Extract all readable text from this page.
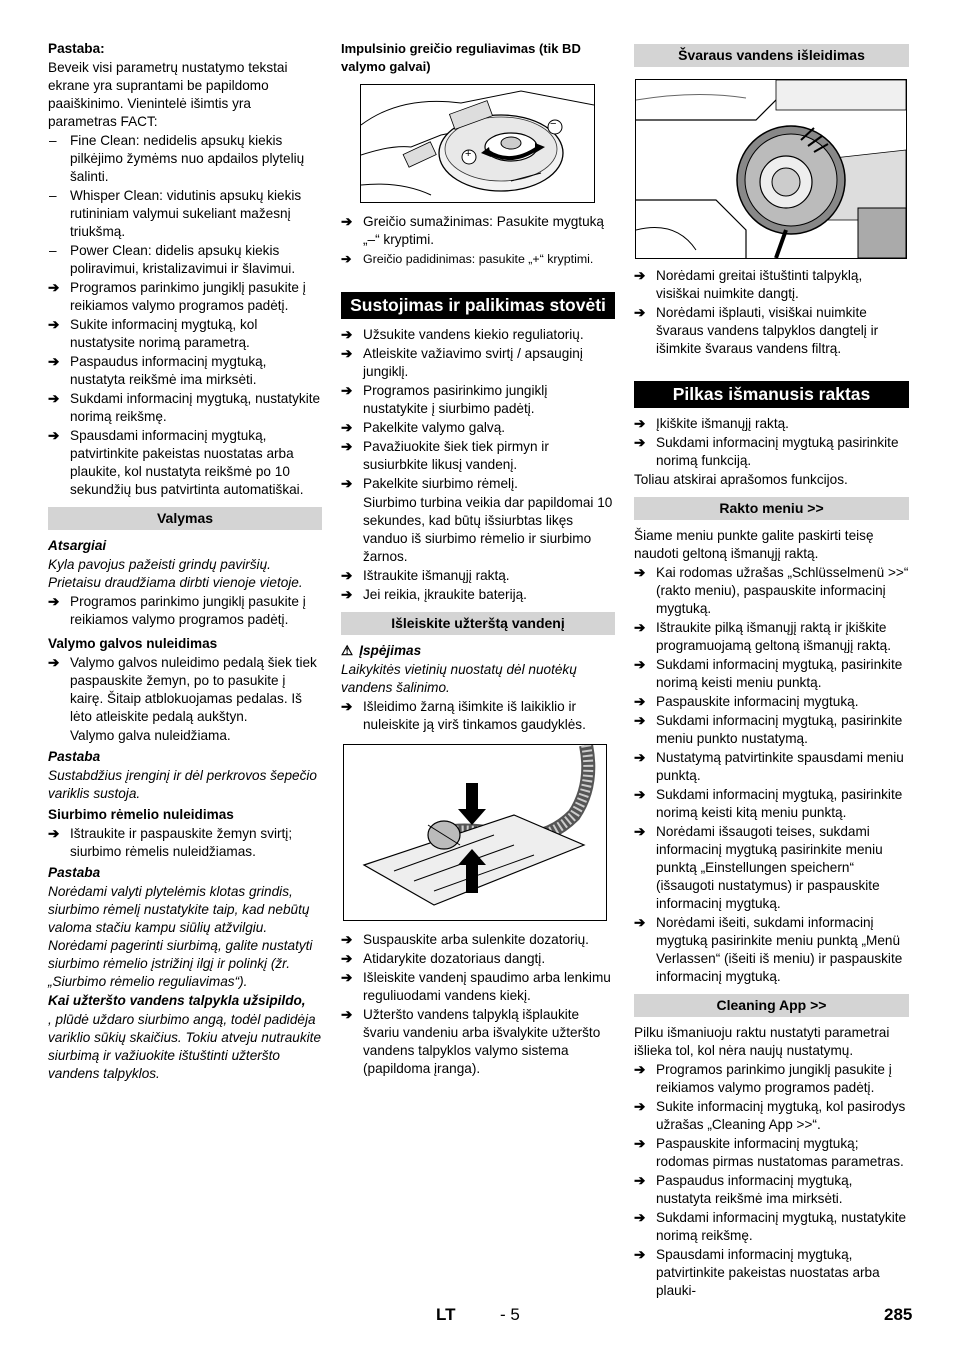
Pastaba:

Beveik visi parametrų nustatymo tekstai ekrane yra suprantami be papildomo paaiškinimo. Vienintelė išimtis yra parametras FACT:

– Fine Clean: nedidelis apsukų kiekis pilkėjimo žymėms nuo apdailos plytelių šalinti.
– Whisper Clean: vidutinis apsukų kiekis rutininiam valymui sukeliant mažesnį triukšmą.
– Power Clean: didelis apsukų kiekis poliravimui, kristalizavimui ir šlavimui.
➔ Programos parinkimo jungiklį pasukite į reikiamos valymo programos padėtį.
➔ Sukite informacinį mygtuką, kol nustatysite norimą parametrą.
➔ Paspaudus informacinį mygtuką, nustatyta reikšmė ima mirksėti.
➔ Sukdami informacinį mygtuką, nustatykite norimą reikšmę.
➔ Spausdami informacinį mygtuką, patvirtinkite pakeistas nuostatas arba plaukite, kol nustatyta reikšmė po 10 sekundžių bus patvirtinta automatiškai.
Valymas

Atsargiai

Kyla pavojus pažeisti grindų paviršių. Prietaisu draudžiama dirbti vienoje vietoje.

➔ Programos parinkimo jungiklį pasukite į reikiamos valymo programos padėtį.

Valymo galvos nuleidimas

➔ Valymo galvos nuleidimo pedalą šiek tiek paspauskite žemyn, po to pasukite į kairę. Šitaip atblokuojamas pedalas. Iš lėto atleiskite pedalą aukštyn.

Valymo galva nuleidžiama.

Pastaba

Sustabdžius įrenginį ir dėl perkrovos šepečio variklis sustoja.

Siurbimo rėmelio nuleidimas

➔ Ištraukite ir paspauskite žemyn svirtį; siurbimo rėmelis nuleidžiamas.

Pastaba

Norėdami valyti plytelėmis klotas grindis, siurbimo rėmelį nustatykite taip, kad nebūtų valoma stačiu kampu siūlių atžvilgiu. Norėdami pagerinti siurbimą, galite nustatyti siurbimo rėmelio įstrižinį ilgį ir polinkį (žr. „Siurbimo rėmelio reguliavimas“).

Kai užteršto vandens talpykla užsipildo,

, plūdė uždaro siurbimo angą, todėl padidėja variklio sūkių skaičius. Tokiu atveju nutraukite siurbimą ir važiuokite ištuštinti užteršto vandens talpyklos.

Impulsinio greičio reguliavimas (tik BD valymo galvai)

−
+
➔ Greičio sumažinimas: Pasukite mygtuką „–“ kryptimi.
➔ Greičio padidinimas: pasukite „+“ kryptimi.
Sustojimas ir palikimas stovėti
➔ Užsukite vandens kiekio reguliatorių.
➔ Atleiskite važiavimo svirtį / apsauginį jungiklį.
➔ Programos pasirinkimo jungiklį nustatykite į siurbimo padėtį.
➔ Pakelkite valymo galvą.
➔ Pavažiuokite šiek tiek pirmyn ir susiurbkite likusį vandenį.
➔ Pakelkite siurbimo rėmelį.

Siurbimo turbina veikia dar papildomai 10 sekundes, kad būtų išsiurbtas likęs vanduo iš siurbimo rėmelio ir siurbimo žarnos.

➔ Ištraukite išmanųjį raktą.
➔ Jei reikia, įkraukite bateriją.
Išleiskite užterštą vandenį

⚠ Įspėjimas

Laikykitės vietinių nuostatų dėl nuotėkų vandens šalinimo.

➔ Išleidimo žarną išimkite iš laikiklio ir nuleiskite ją virš tinkamos gaudyklės.
➔ Suspauskite arba sulenkite dozatorių.
➔ Atidarykite dozatoriaus dangtį.
➔ Išleiskite vandenį spaudimo arba lenkimu reguliuodami vandens kiekį.
➔ Užteršto vandens talpyklą išplaukite švariu vandeniu arba išvalykite užteršto vandens talpyklos valymo sistema (papildoma įranga).
Švaraus vandens išleidimas
➔ Norėdami greitai ištuštinti talpyklą, visiškai nuimkite dangtį.
➔ Norėdami išplauti, visiškai nuimkite švaraus vandens talpyklos dangtelį ir išimkite švaraus vandens filtrą.
Pilkas išmanusis raktas
➔ Įkiškite išmanųjį raktą.
➔ Sukdami informacinį mygtuką pasirinkite norimą funkciją.

Toliau atskirai aprašomos funkcijos.

Rakto meniu >>

Šiame meniu punkte galite paskirti teisę naudoti geltoną išmanųjį raktą.

➔ Kai rodomas užrašas „Schlüsselmenü >>“ (rakto meniu), paspauskite informacinį mygtuką.
➔ Ištraukite pilką išmanųjį raktą ir įkiškite programuojamą geltoną išmanųjį raktą.
➔ Sukdami informacinį mygtuką, pasirinkite norimą keisti meniu punktą.
➔ Paspauskite informacinį mygtuką.
➔ Sukdami informacinį mygtuką, pasirinkite meniu punkto nustatymą.
➔ Nustatymą patvirtinkite spausdami meniu punktą.
➔ Sukdami informacinį mygtuką, pasirinkite norimą keisti kitą meniu punktą.
➔ Norėdami išsaugoti teises, sukdami informacinį mygtuką pasirinkite meniu punktą „Einstellungen speichern“ (išsaugoti nustatymus) ir paspauskite informacinį mygtuką.
➔ Norėdami išeiti, sukdami informacinį mygtuką pasirinkite meniu punktą „Menü Verlassen“ (išeiti iš meniu) ir paspauskite informacinį mygtuką.
Cleaning App >>

Pilku išmaniuoju raktu nustatyti parametrai išlieka tol, kol nėra naujų nustatymų.

➔ Programos parinkimo jungiklį pasukite į reikiamos valymo programos padėtį.
➔ Sukite informacinį mygtuką, kol pasirodys užrašas „Cleaning App >>“.
➔ Paspauskite informacinį mygtuką; rodomas pirmas nustatomas parametras.
➔ Paspaudus informacinį mygtuką, nustatyta reikšmė ima mirksėti.
➔ Sukdami informacinį mygtuką, nustatykite norimą reikšmę.
➔ Spausdami informacinį mygtuką, patvirtinkite pakeistas nuostatas arba plauki-
LT	- 5	285
